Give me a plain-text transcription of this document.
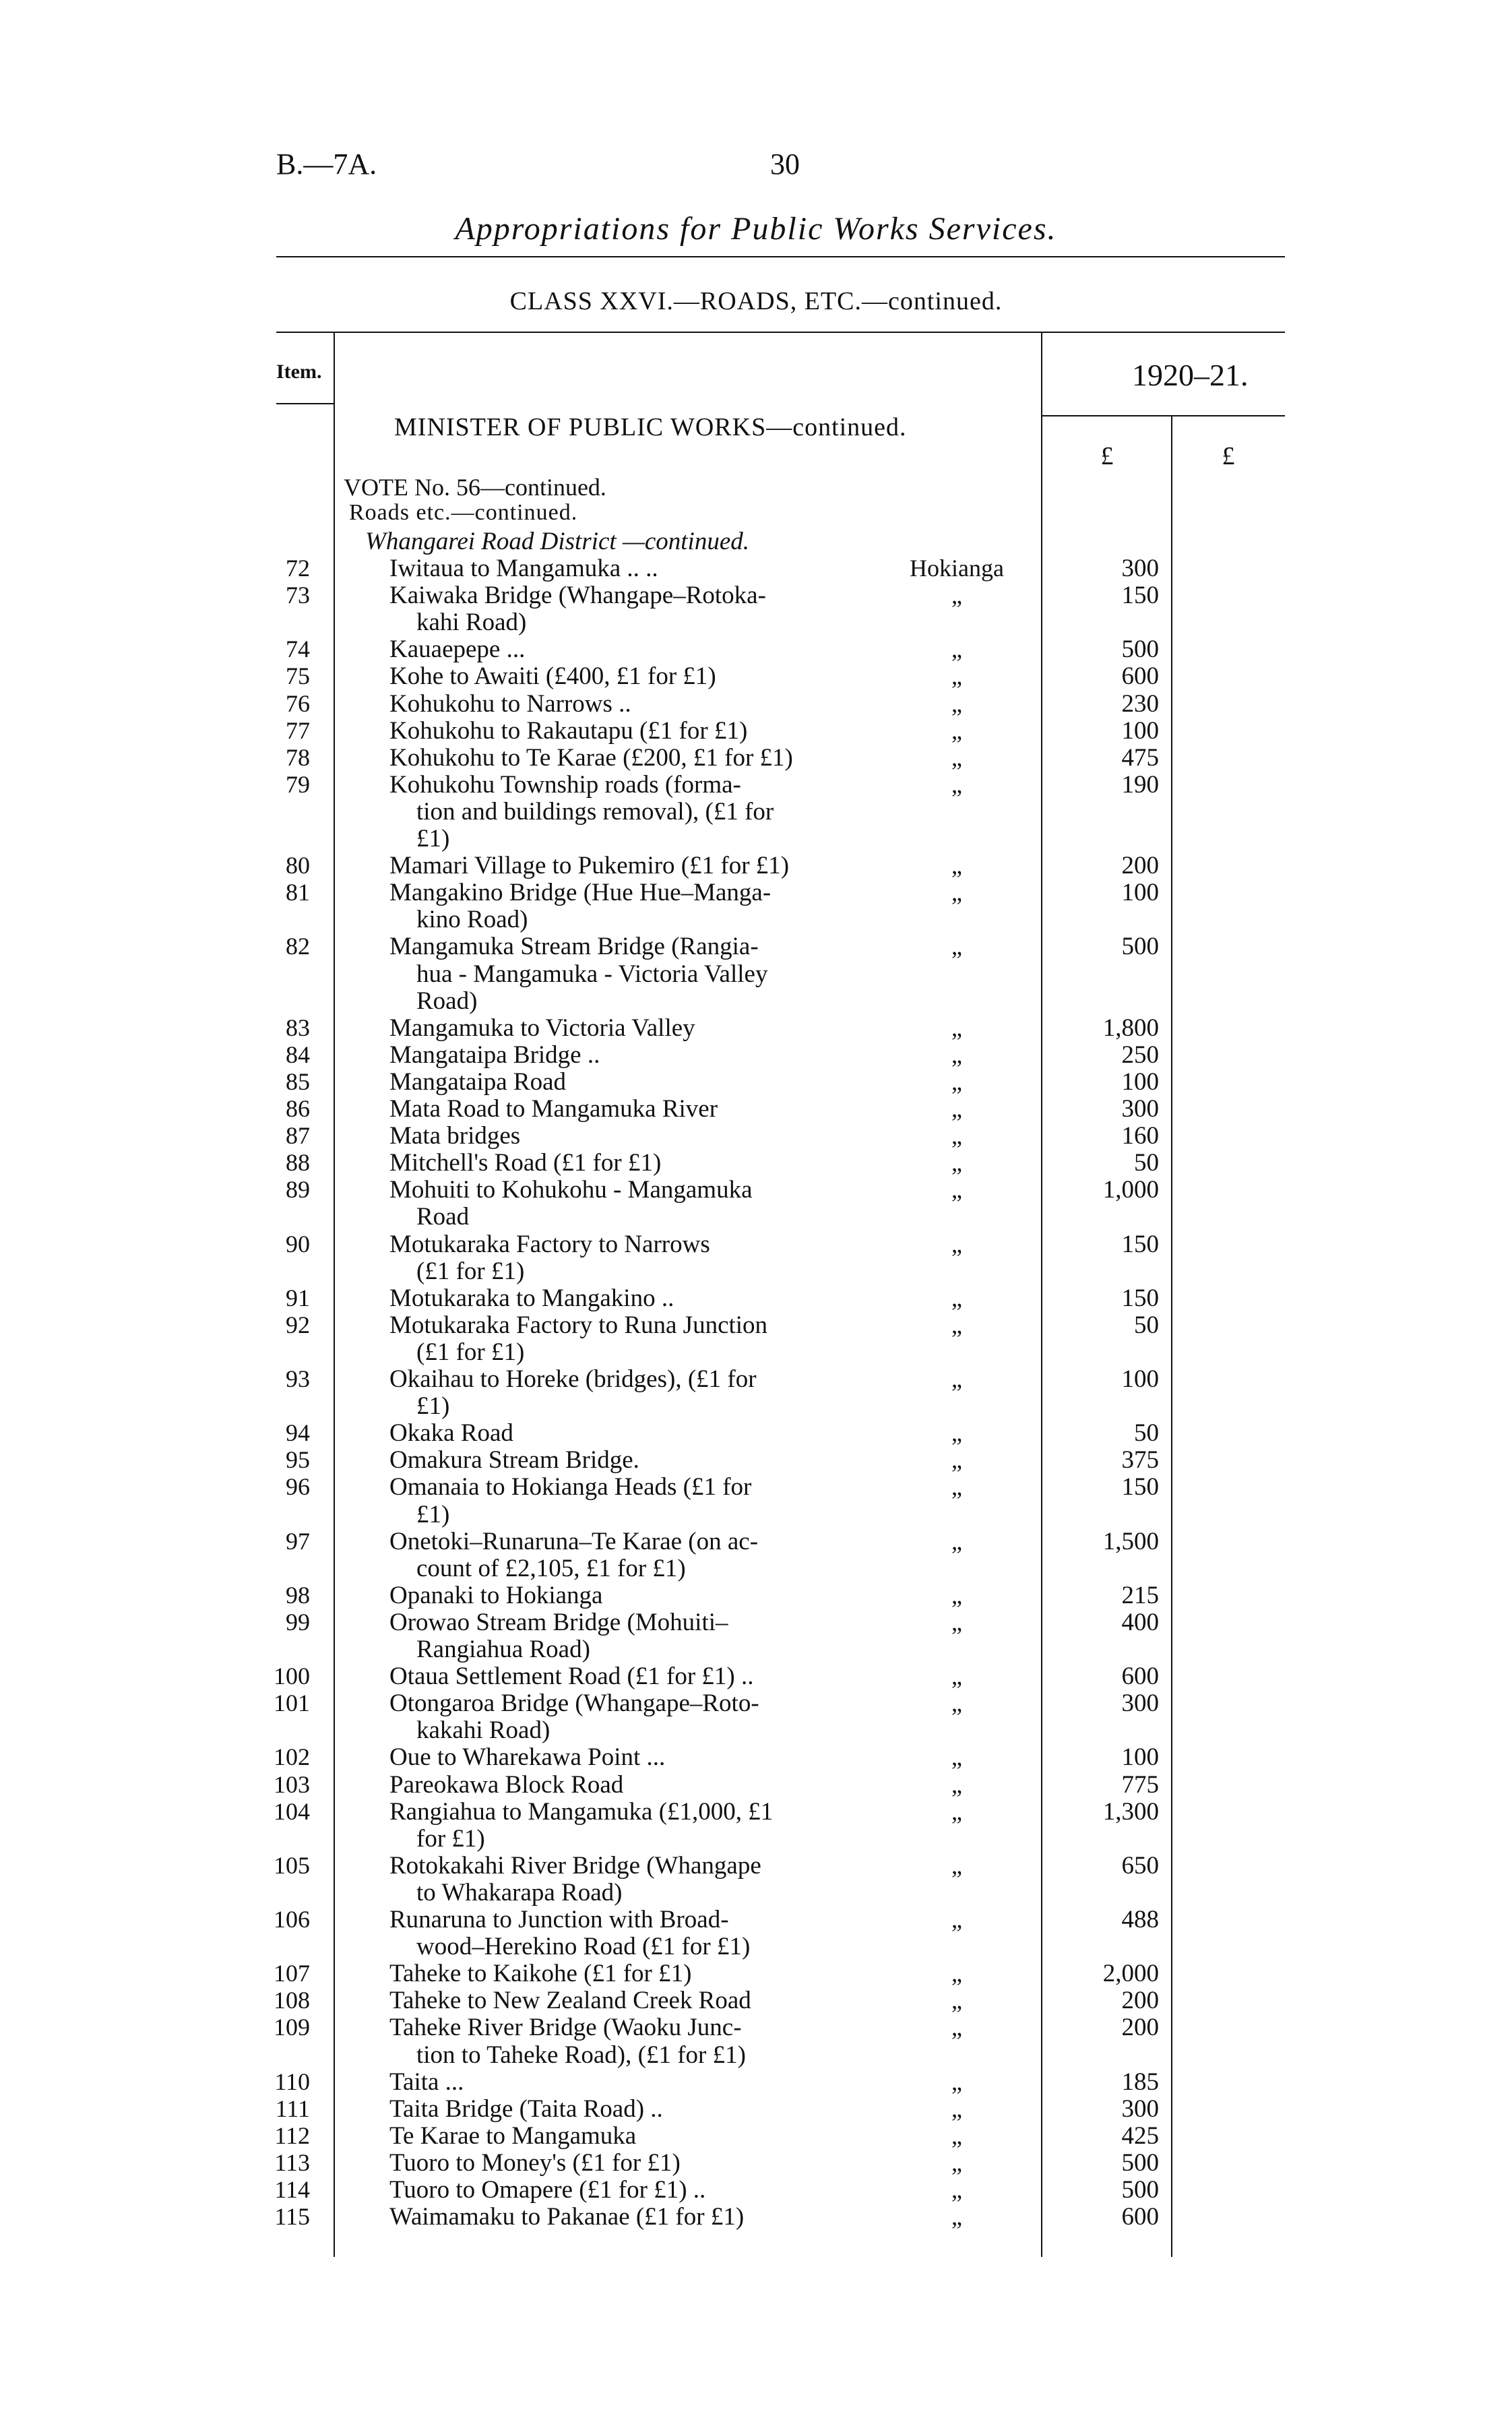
B.—7A.	30
Appropriations for Public Works Services.
CLASS XXVI.—ROADS, ETC.—continued.
Item.	1920–21.
MINISTER OF PUBLIC WORKS—continued.
£	£
VOTE No. 56—continued.
Roads etc.—continued.
Whangarei Road District —continued.
72	Iwitaua to Mangamuka .. ..	Hokianga	300
73	Kaiwaka Bridge (Whangape–Rotoka-
kahi Road)
„	150
74	Kauaepepe ...	„	500
75	Kohe to Awaiti (£400, £1 for £1)	„	600
76	Kohukohu to Narrows ..	„	230
77	Kohukohu to Rakautapu (£1 for £1)	„	100
78	Kohukohu to Te Karae (£200, £1 for £1)	„	475
79	Kohukohu Township roads (forma-
tion and buildings removal), (£1 for
£1)
„	190
80	Mamari Village to Pukemiro (£1 for £1)	„	200
81	Mangakino Bridge (Hue Hue–Manga-
kino Road)
„	100
82	Mangamuka Stream Bridge (Rangia-
hua - Mangamuka - Victoria Valley
Road)
„	500
83	Mangamuka to Victoria Valley	„	1,800
84	Mangataipa Bridge ..	„	250
85	Mangataipa Road	„	100
86	Mata Road to Mangamuka River	„	300
87	Mata bridges	„	160
88	Mitchell's Road (£1 for £1)	„	50
89	Mohuiti to Kohukohu - Mangamuka
Road
„	1,000
90	Motukaraka Factory to Narrows
(£1 for £1)
„	150
91	Motukaraka to Mangakino ..	„	150
92	Motukaraka Factory to Runa Junction
(£1 for £1)
„	50
93	Okaihau to Horeke (bridges), (£1 for
£1)
„	100
94	Okaka Road	„	50
95	Omakura Stream Bridge.	„	375
96	Omanaia to Hokianga Heads (£1 for
£1)
„	150
97	Onetoki–Runaruna–Te Karae (on ac-
count of £2,105, £1 for £1)
„	1,500
98	Opanaki to Hokianga	„	215
99	Orowao Stream Bridge (Mohuiti–
Rangiahua Road)
„	400
100	Otaua Settlement Road (£1 for £1) ..	„	600
101	Otongaroa Bridge (Whangape–Roto-
kakahi Road)
„	300
102	Oue to Wharekawa Point ...	„	100
103	Pareokawa Block Road	„	775
104	Rangiahua to Mangamuka (£1,000, £1
for £1)
„	1,300
105	Rotokakahi River Bridge (Whangape
to Whakarapa Road)
„	650
106	Runaruna to Junction with Broad-
wood–Herekino Road (£1 for £1)
„	488
107	Taheke to Kaikohe (£1 for £1)	„	2,000
108	Taheke to New Zealand Creek Road	„	200
109	Taheke River Bridge (Waoku Junc-
tion to Taheke Road), (£1 for £1)
„	200
110	Taita ...	„	185
111	Taita Bridge (Taita Road) ..	„	300
112	Te Karae to Mangamuka	„	425
113	Tuoro to Money's (£1 for £1)	„	500
114	Tuoro to Omapere (£1 for £1) ..	„	500
115	Waimamaku to Pakanae (£1 for £1)	„	600
